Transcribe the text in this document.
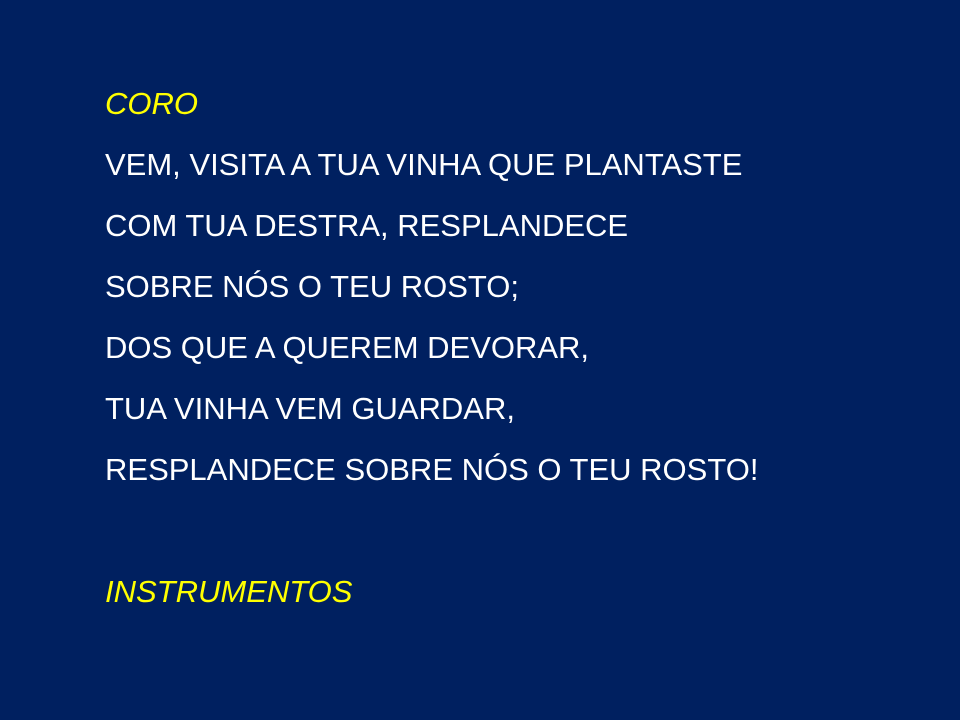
CORO
VEM, VISITA A TUA VINHA QUE PLANTASTE
COM TUA DESTRA, RESPLANDECE
SOBRE NÓS O TEU ROSTO;
DOS QUE A QUEREM DEVORAR,
TUA VINHA VEM GUARDAR,
RESPLANDECE SOBRE NÓS O TEU ROSTO!
INSTRUMENTOS
